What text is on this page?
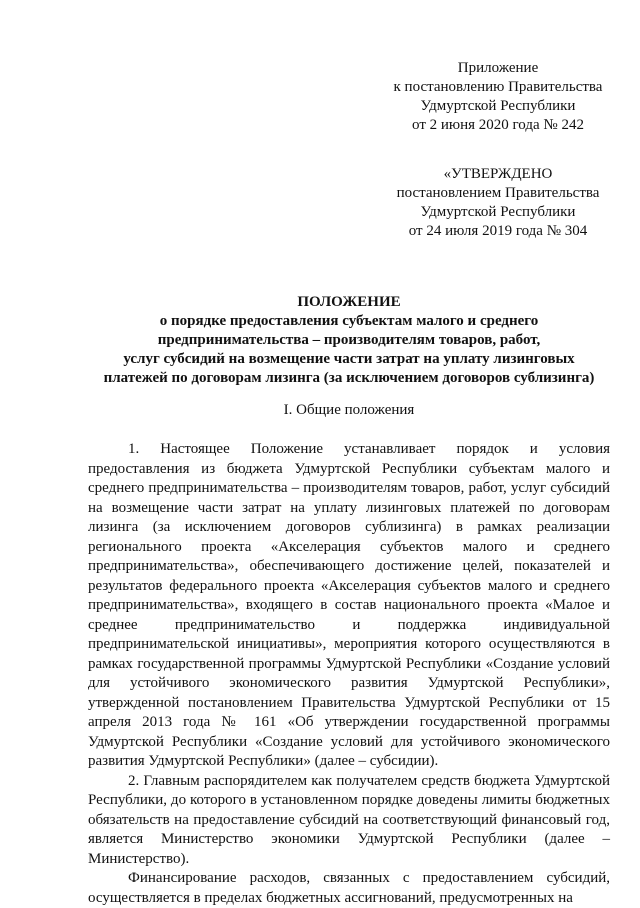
Приложение
к постановлению Правительства
Удмуртской Республики
от 2 июня 2020 года № 242
«УТВЕРЖДЕНО
постановлением Правительства
Удмуртской Республики
от 24 июля 2019 года № 304
ПОЛОЖЕНИЕ
о порядке предоставления субъектам малого и среднего
предпринимательства – производителям товаров, работ,
услуг субсидий на возмещение части затрат на уплату лизинговых
платежей по договорам лизинга (за исключением договоров сублизинга)
I. Общие положения

1. Настоящее Положение устанавливает порядок и условия предоставления из бюджета Удмуртской Республики субъектам малого и среднего предпринимательства – производителям товаров, работ, услуг субсидий на возмещение части затрат на уплату лизинговых платежей по договорам лизинга (за исключением договоров сублизинга) в рамках реализации регионального проекта «Акселерация субъектов малого и среднего предпринимательства», обеспечивающего достижение целей, показателей и результатов федерального проекта «Акселерация субъектов малого и среднего предпринимательства», входящего в состав национального проекта «Малое и среднее предпринимательство и поддержка индивидуальной предпринимательской инициативы», мероприятия которого осуществляются в рамках государственной программы Удмуртской Республики «Создание условий для устойчивого экономического развития Удмуртской Республики», утвержденной постановлением Правительства Удмуртской Республики от 15 апреля 2013 года № 161 «Об утверждении государственной программы Удмуртской Республики «Создание условий для устойчивого экономического развития Удмуртской Республики» (далее – субсидии).

2. Главным распорядителем как получателем средств бюджета Удмуртской Республики, до которого в установленном порядке доведены лимиты бюджетных обязательств на предоставление субсидий на соответствующий финансовый год, является Министерство экономики Удмуртской Республики (далее – Министерство).

Финансирование расходов, связанных с предоставлением субсидий, осуществляется в пределах бюджетных ассигнований, предусмотренных на
